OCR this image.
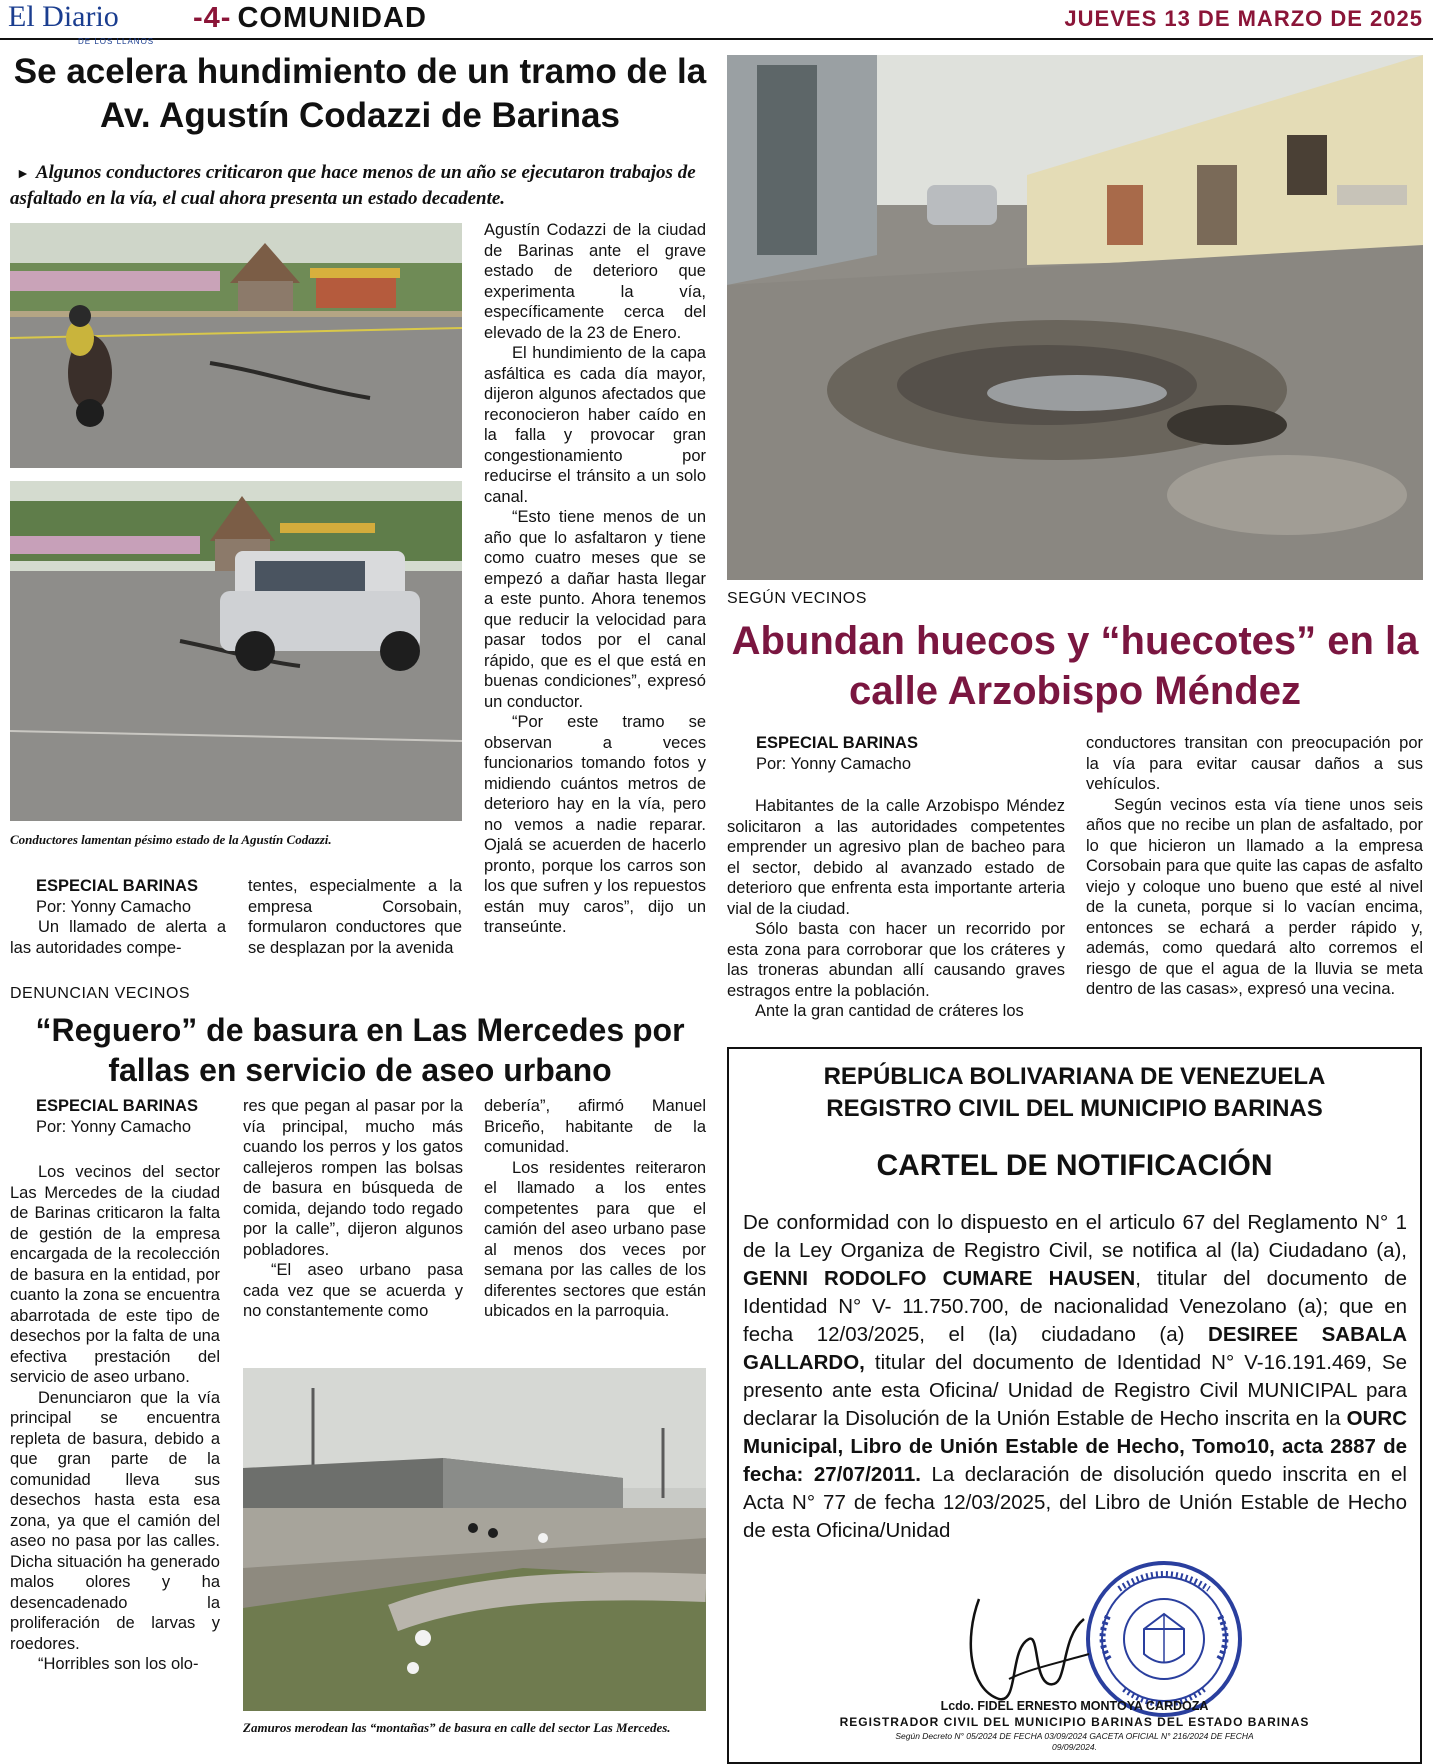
El Diario
DE LOS LLANOS
-4- COMUNIDAD	JUEVES 13 DE MARZO DE 2025
Se acelera hundimiento de un tramo de la Av. Agustín Codazzi de Barinas
► Algunos conductores criticaron que hace menos de un año se ejecutaron trabajos de asfaltado en la vía, el cual ahora presenta un estado decadente.
Conductores lamentan pésimo estado de la Agustín Codazzi.
ESPECIAL BARINAS
Por: Yonny Camacho

Un llamado de alerta a las autoridades compe-

tentes, especialmente a la empresa Corsobain, formularon conductores que se desplazan por la avenida

Agustín Codazzi de la ciudad de Barinas ante el grave estado de deterioro que experimenta la vía, específicamente cerca del elevado de la 23 de Enero.

El hundimiento de la capa asfáltica es cada día mayor, dijeron algunos afectados que reconocieron haber caído en la falla y provocar gran congestionamiento por reducirse el tránsito a un solo canal.

“Esto tiene menos de un año que lo asfaltaron y tiene como cuatro meses que se empezó a dañar hasta llegar a este punto. Ahora tenemos que reducir la velocidad para pasar todos por el canal rápido, que es el que está en buenas condiciones”, expresó un conductor.

“Por este tramo se observan a veces funcionarios tomando fotos y midiendo cuántos metros de deterioro hay en la vía, pero no vemos a nadie reparar. Ojalá se acuerden de hacerlo pronto, porque los carros son los que sufren y los repuestos están muy caros”, dijo un transeúnte.

SEGÚN VECINOS
Abundan huecos y “huecotes” en la calle Arzobispo Méndez
ESPECIAL BARINAS
Por: Yonny Camacho

Habitantes de la calle Arzobispo Méndez solicitaron a las autoridades competentes emprender un agresivo plan de bacheo para el sector, debido al avanzado estado de deterioro que enfrenta esta importante arteria vial de la ciudad.

Sólo basta con hacer un recorrido por esta zona para corroborar que los cráteres y las troneras abundan allí causando graves estragos entre la población.

Ante la gran cantidad de cráteres los

conductores transitan con preocupación por la vía para evitar causar daños a sus vehículos.

Según vecinos esta vía tiene unos seis años que no recibe un plan de asfaltado, por lo que hicieron un llamado a la empresa Corsobain para que quite las capas de asfalto viejo y coloque uno bueno que esté al nivel de la cuneta, porque si lo vacían encima, entonces se echará a perder rápido y, además, como quedará alto corremos el riesgo de que el agua de la lluvia se meta dentro de las casas», expresó una vecina.

DENUNCIAN VECINOS
“Reguero” de basura en Las Mercedes por fallas en servicio de aseo urbano
ESPECIAL BARINAS
Por: Yonny Camacho

Los vecinos del sector Las Mercedes de la ciudad de Barinas criticaron la falta de gestión de la empresa encargada de la recolección de basura en la entidad, por cuanto la zona se encuentra abarrotada de este tipo de desechos por la falta de una efectiva prestación del servicio de aseo urbano.

Denunciaron que la vía principal se encuentra repleta de basura, debido a que gran parte de la comunidad lleva sus desechos hasta esta esa zona, ya que el camión del aseo no pasa por las calles. Dicha situación ha generado malos olores y ha desencadenado la proliferación de larvas y roedores.

“Horribles son los olo-

res que pegan al pasar por la vía principal, mucho más cuando los perros y los gatos callejeros rompen las bolsas de basura en búsqueda de comida, dejando todo regado por la calle”, dijeron algunos pobladores.

“El aseo urbano pasa cada vez que se acuerda y no constantemente como

debería”, afirmó Manuel Briceño, habitante de la comunidad.

Los residentes reiteraron el llamado a los entes competentes para que el camión del aseo urbano pase al menos dos veces por semana por las calles de los diferentes sectores que están ubicados en la parroquia.

Zamuros merodean las “montañas” de basura en calle del sector Las Mercedes.
REPÚBLICA BOLIVARIANA DE VENEZUELA
REGISTRO CIVIL DEL MUNICIPIO BARINAS
CARTEL DE NOTIFICACIÓN
De conformidad con lo dispuesto en el articulo 67 del Reglamento N° 1 de la Ley Organiza de Registro Civil, se notifica al (la) Ciudadano (a), GENNI RODOLFO CUMARE HAUSEN, titular del documento de Identidad N° V- 11.750.700, de nacionalidad Venezolano (a); que en fecha 12/03/2025, el (la) ciudadano (a) DESIREE SABALA GALLARDO, titular del documento de Identidad N° V-16.191.469, Se presento ante esta Oficina/ Unidad de Registro Civil MUNICIPAL para declarar la Disolución de la Unión Estable de Hecho inscrita en la OURC Municipal, Libro de Unión Estable de Hecho, Tomo10, acta 2887 de fecha: 27/07/2011. La declaración de disolución quedo inscrita en el Acta N° 77 de fecha 12/03/2025, del Libro de Unión Estable de Hecho de esta Oficina/Unidad
Lcdo. FIDEL ERNESTO MONTOYA CARDOZA
REGISTRADOR CIVIL DEL MUNICIPIO BARINAS DEL ESTADO BARINAS
Según Decreto N° 05/2024 DE FECHA 03/09/2024 GACETA OFICIAL N° 216/2024 DE FECHA
09/09/2024.
